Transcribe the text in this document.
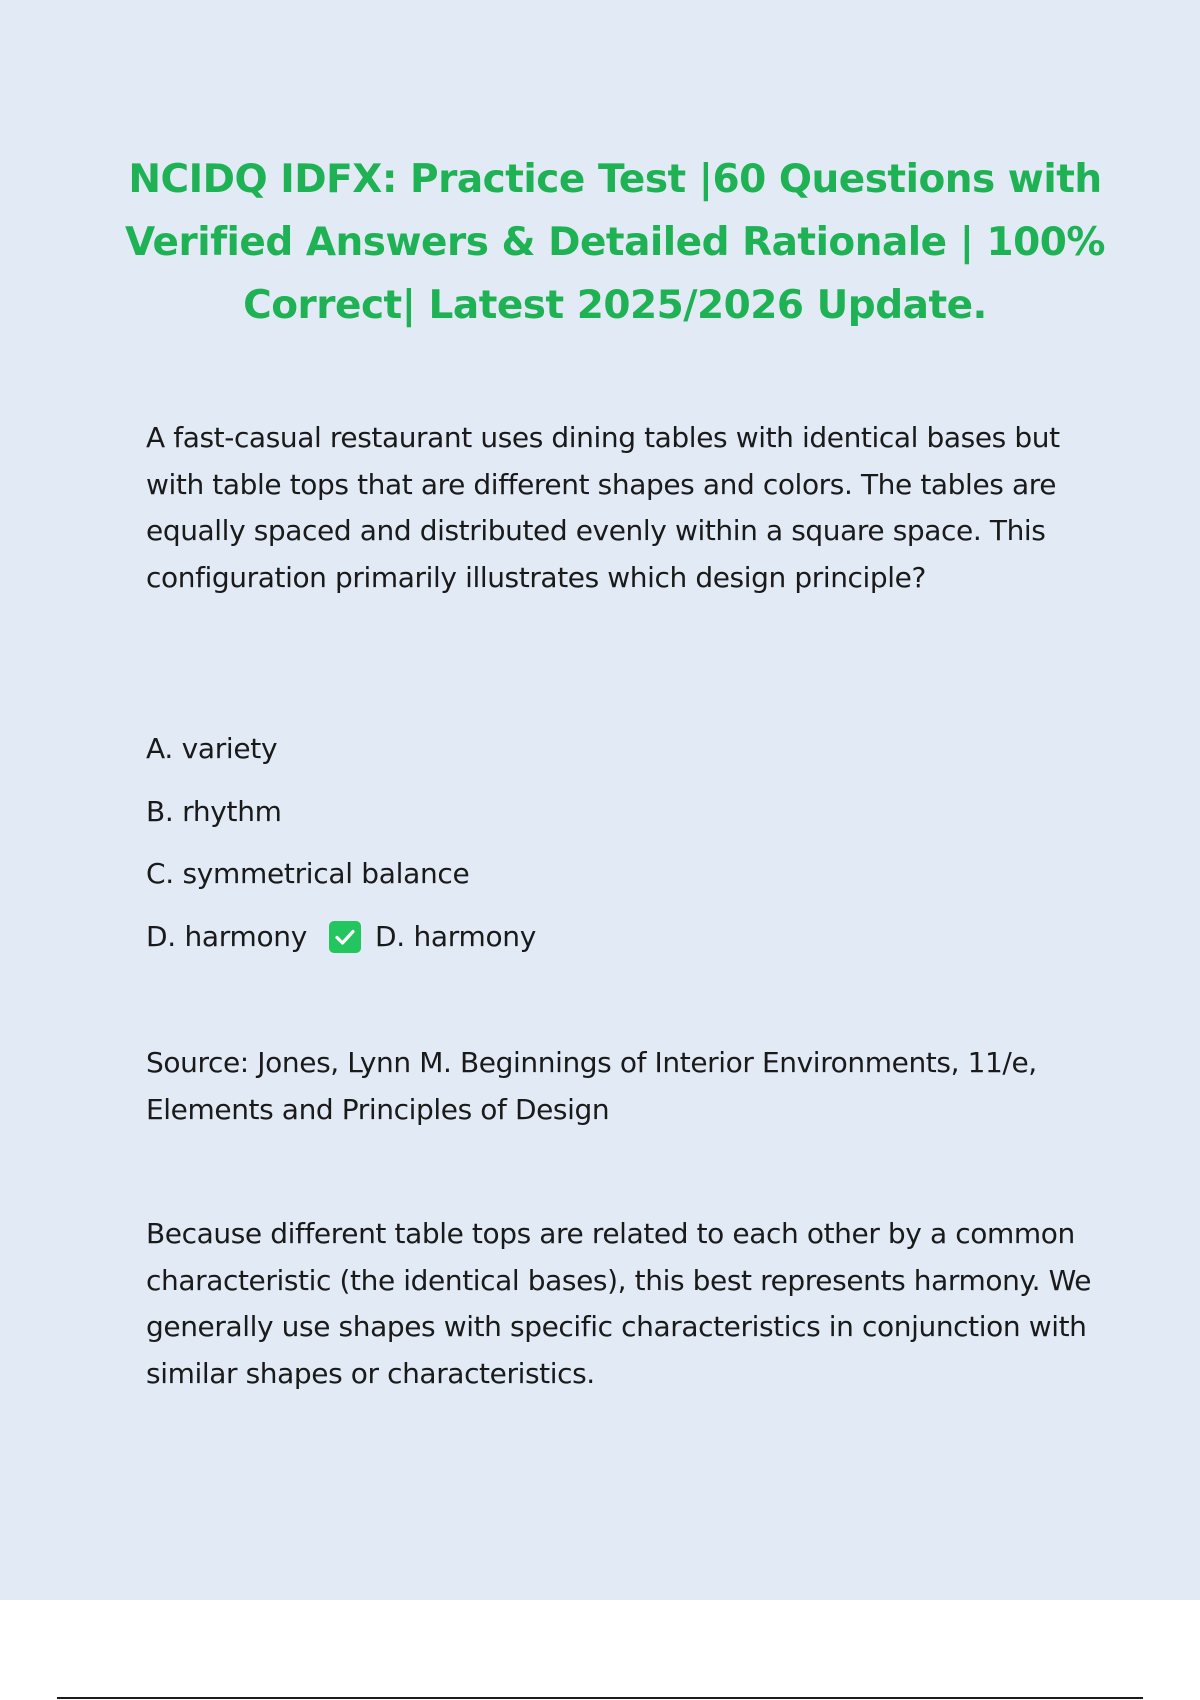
NCIDQ IDFX: Practice Test |60 Questions with Verified Answers & Detailed Rationale | 100% Correct| Latest 2025/2026 Update.

A fast-casual restaurant uses dining tables with identical bases but with table tops that are different shapes and colors. The tables are equally spaced and distributed evenly within a square space. This configuration primarily illustrates which design principle?

A. variety
B. rhythm
C. symmetrical balance
D. harmony D. harmony

Source: Jones, Lynn M. Beginnings of Interior Environments, 11/e, Elements and Principles of Design

Because different table tops are related to each other by a common characteristic (the identical bases), this best represents harmony. We generally use shapes with specific characteristics in conjunction with similar shapes or characteristics.
